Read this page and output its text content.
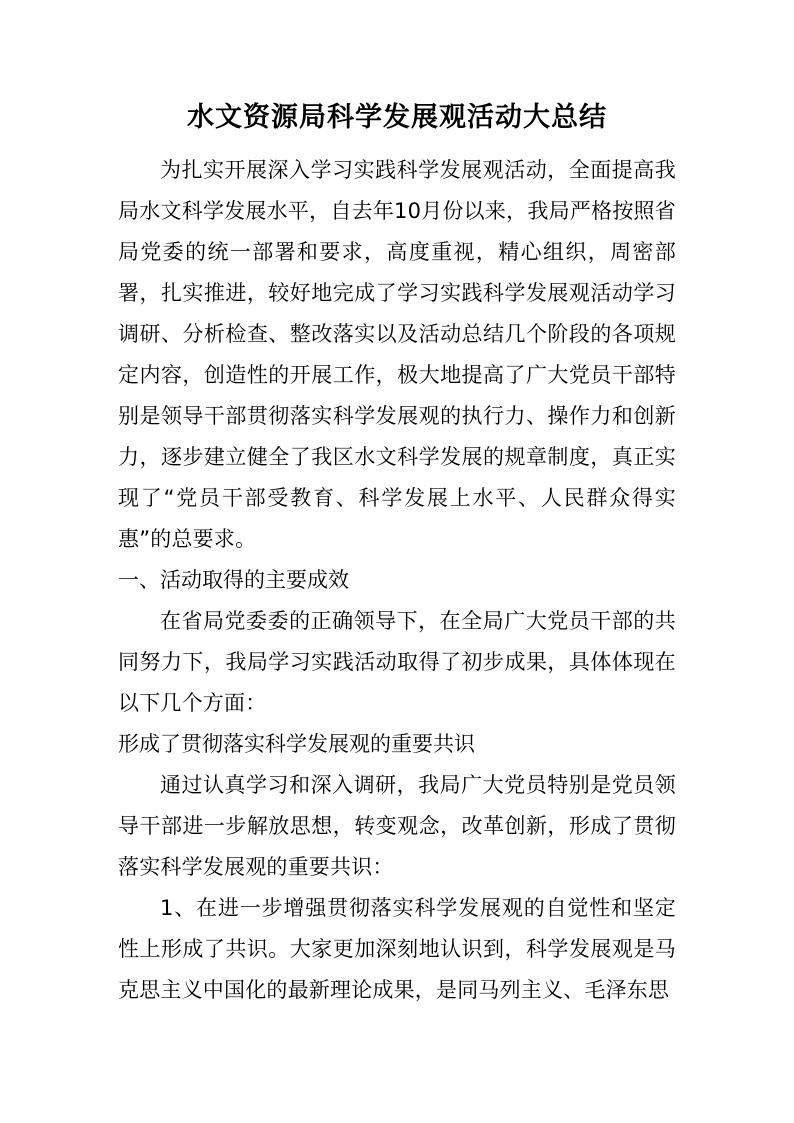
水文资源局科学发展观活动大总结

为扎实开展深入学习实践科学发展观活动，全面提高我局水文科学发展水平，自去年10月份以来，我局严格按照省局党委的统一部署和要求，高度重视，精心组织，周密部署，扎实推进，较好地完成了学习实践科学发展观活动学习调研、分析检查、整改落实以及活动总结几个阶段的各项规定内容，创造性的开展工作，极大地提高了广大党员干部特别是领导干部贯彻落实科学发展观的执行力、操作力和创新力，逐步建立健全了我区水文科学发展的规章制度，真正实现了“党员干部受教育、科学发展上水平、人民群众得实惠”的总要求。

一、活动取得的主要成效

在省局党委委的正确领导下，在全局广大党员干部的共同努力下，我局学习实践活动取得了初步成果，具体体现在以下几个方面：

形成了贯彻落实科学发展观的重要共识

通过认真学习和深入调研，我局广大党员特别是党员领导干部进一步解放思想，转变观念，改革创新，形成了贯彻落实科学发展观的重要共识：

1、在进一步增强贯彻落实科学发展观的自觉性和坚定性上形成了共识。大家更加深刻地认识到，科学发展观是马克思主义中国化的最新理论成果，是同马列主义、毛泽东思
